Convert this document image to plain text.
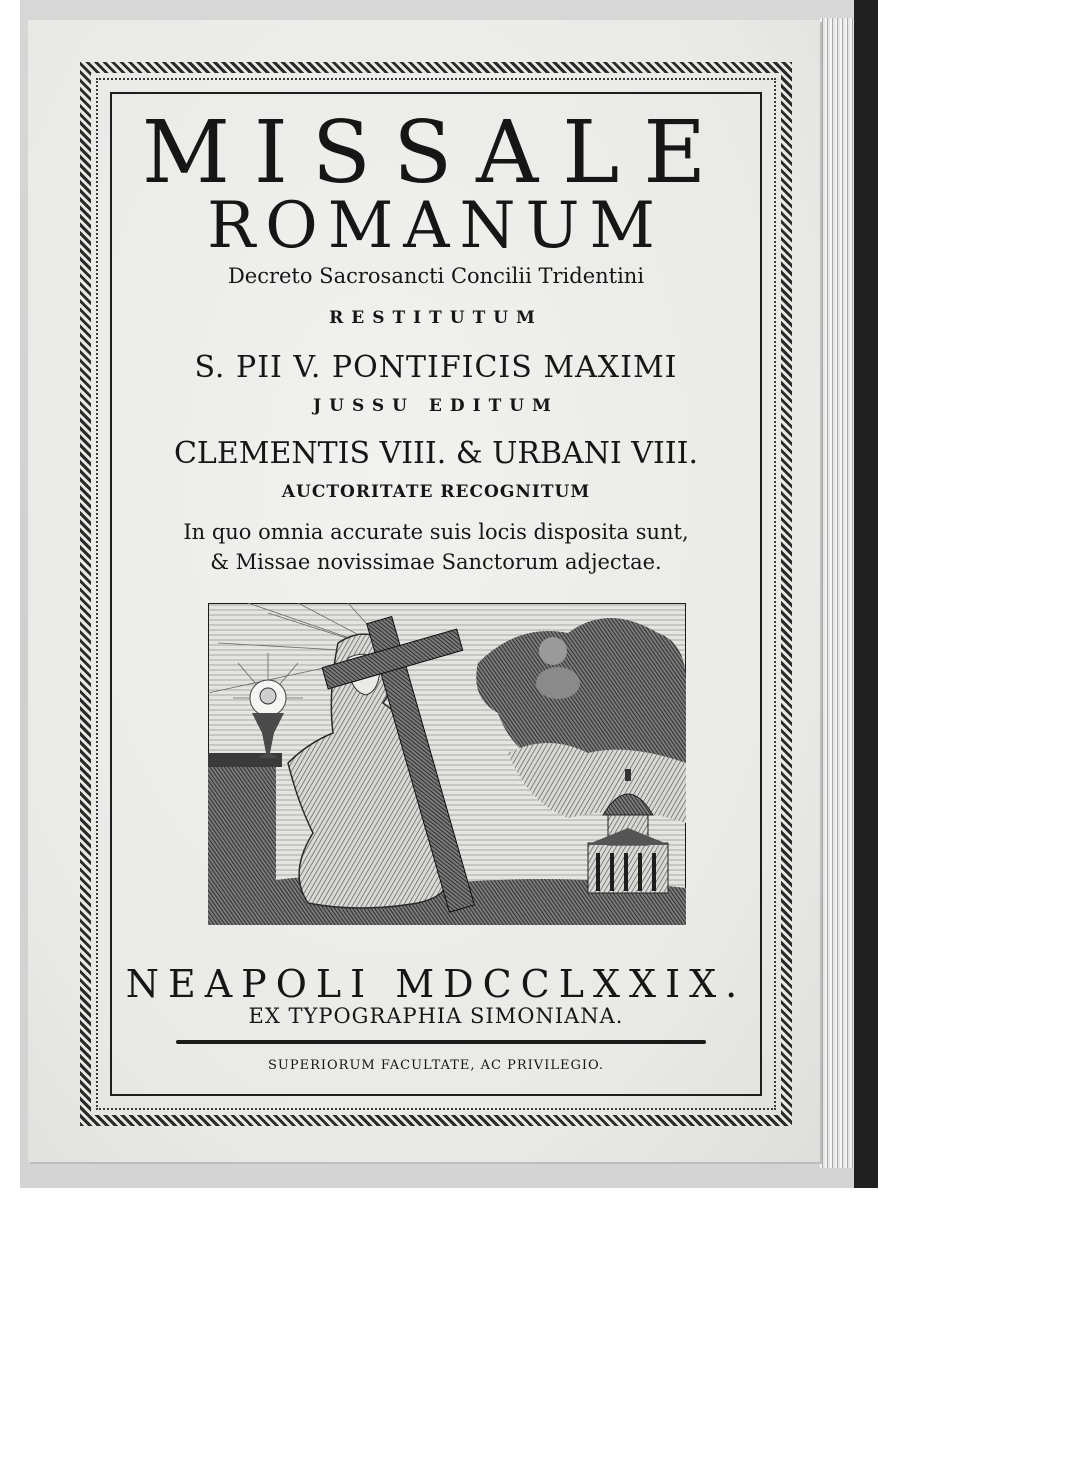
MISSALE
ROMANUM
Decreto Sacrosancti Concilii Tridentini
RESTITUTUM
S. PII V. PONTIFICIS MAXIMI
JUSSU EDITUM
CLEMENTIS VIII. & URBANI VIII.
AUCTORITATE RECOGNITUM
In quo omnia accurate suis locis disposita sunt,
& Missae novissimae Sanctorum adjectae.
NEAPOLI MDCCLXXIX.
EX TYPOGRAPHIA SIMONIANA.
SUPERIORUM FACULTATE, AC PRIVILEGIO.
